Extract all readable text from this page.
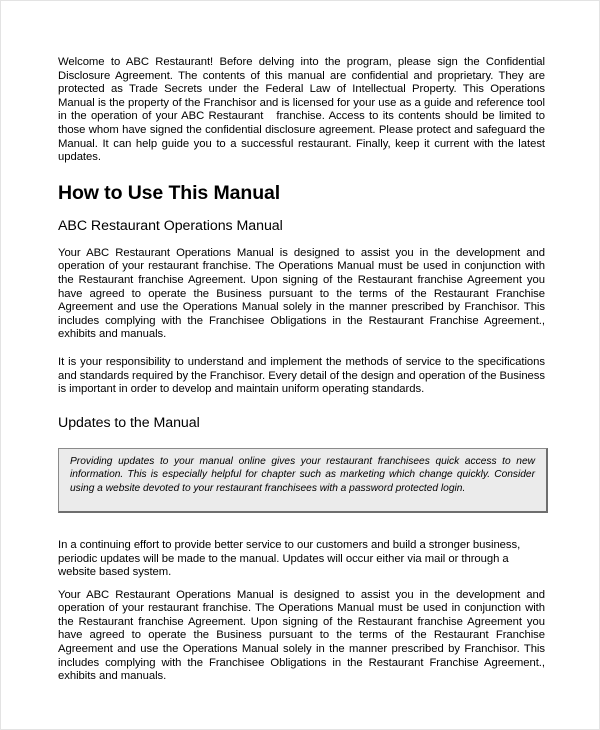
Welcome to ABC Restaurant! Before delving into the program, please sign the Confidential Disclosure Agreement. The contents of this manual are confidential and proprietary. They are protected as Trade Secrets under the Federal Law of Intellectual Property. This Operations Manual is the property of the Franchisor and is licensed for your use as a guide and reference tool in the operation of your ABC Restaurant   franchise. Access to its contents should be limited to those whom have signed the confidential disclosure agreement. Please protect and safeguard the Manual. It can help guide you to a successful restaurant. Finally, keep it current with the latest updates.

How to Use This Manual
ABC Restaurant Operations Manual

Your ABC Restaurant Operations Manual is designed to assist you in the development and operation of your restaurant franchise. The Operations Manual must be used in conjunction with the Restaurant franchise Agreement. Upon signing of the Restaurant franchise Agreement you have agreed to operate the Business pursuant to the terms of the Restaurant Franchise Agreement and use the Operations Manual solely in the manner prescribed by Franchisor. This includes complying with the Franchisee Obligations in the Restaurant Franchise Agreement., exhibits and manuals.

It is your responsibility to understand and implement the methods of service to the specifications and standards required by the Franchisor. Every detail of the design and operation of the Business is important in order to develop and maintain uniform operating standards.

Updates to the Manual

Providing updates to your manual online gives your restaurant franchisees quick access to new information. This is especially helpful for chapter such as marketing which change quickly. Consider using a website devoted to your restaurant franchisees with a password protected login.

In a continuing effort to provide better service to our customers and build a stronger business, periodic updates will be made to the manual. Updates will occur either via mail or through a website based system.

Your ABC Restaurant Operations Manual is designed to assist you in the development and operation of your restaurant franchise. The Operations Manual must be used in conjunction with the Restaurant franchise Agreement. Upon signing of the Restaurant franchise Agreement you have agreed to operate the Business pursuant to the terms of the Restaurant Franchise Agreement and use the Operations Manual solely in the manner prescribed by Franchisor. This includes complying with the Franchisee Obligations in the Restaurant Franchise Agreement., exhibits and manuals.
